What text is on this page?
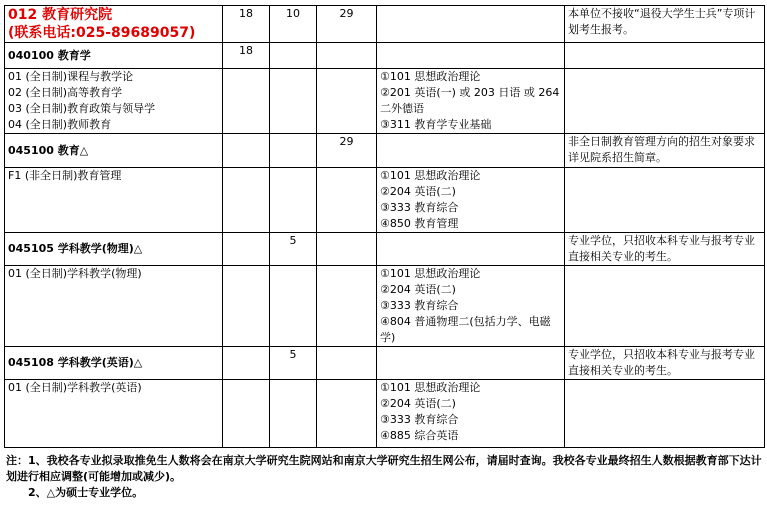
012 教育研究院
(联系电话:025-89689057)	18	10	29		本单位不接收“退役大学生士兵”专项计划考生报考。
040100 教育学	18				

01 (全日制)课程与教学论
02 (全日制)高等教育学
03 (全日制)教育政策与领导学
04 (全日制)教师教育				①101 思想政治理论
②201 英语(一) 或 203 日语 或 264 二外德语
③311 教育学专业基础	

045100 教育△			29		非全日制教育管理方向的招生对象要求详见院系招生简章。

F1 (非全日制)教育管理				①101 思想政治理论
②204 英语(二)
③333 教育综合
④850 教育管理	

045105 学科教学(物理)△		5			专业学位，只招收本科专业与报考专业直接相关专业的考生。

01 (全日制)学科教学(物理)				①101 思想政治理论
②204 英语(二)
③333 教育综合
④804 普通物理二(包括力学、电磁学)	

045108 学科教学(英语)△		5			专业学位，只招收本科专业与报考专业直接相关专业的考生。

01 (全日制)学科教学(英语)				①101 思想政治理论
②204 英语(二)
③333 教育综合
④885 综合英语	

注：1、我校各专业拟录取推免生人数将会在南京大学研究生院网站和南京大学研究生招生网公布，请届时查询。我校各专业最终招生人数根据教育部下达计划进行相应调整(可能增加或减少)。
2、△为硕士专业学位。
